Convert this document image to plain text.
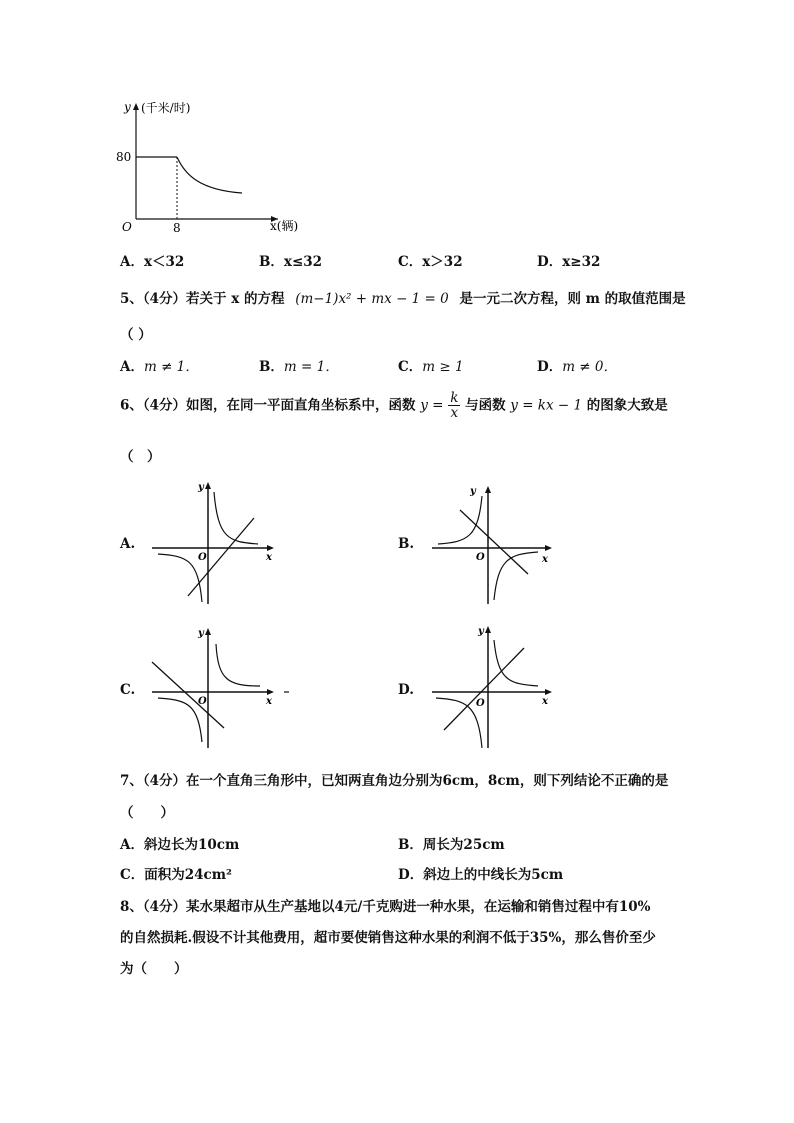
y (千米/时)
80
8
O	x(辆)
A．x＜32	B．x≤32	C．x＞32	D．x≥32
5、（4分）若关于 x 的方程 (m−1)x² + mx − 1 = 0 是一元二次方程，则 m 的取值范围是
（ ）
A．m ≠ 1．	B．m = 1．	C．m ≥ 1	D．m ≠ 0．
6、（4分）如图，在同一平面直角坐标系中，函数 $y = \frac{k}{x}$ 与函数 y = kx − 1 的图象大致是
（　）
A.
y
x
O
B.
y
x
O
C.
y
x
O
D.
y
x
O
7、（4分）在一个直角三角形中，已知两直角边分别为6cm，8cm，则下列结论不正确的是
（　　）
A．斜边长为10cm	B．周长为25cm
C．面积为24cm²	D．斜边上的中线长为5cm
8、（4分）某水果超市从生产基地以4元/千克购进一种水果，在运输和销售过程中有10%
的自然损耗.假设不计其他费用，超市要使销售这种水果的利润不低于35%，那么售价至少
为（　　）
